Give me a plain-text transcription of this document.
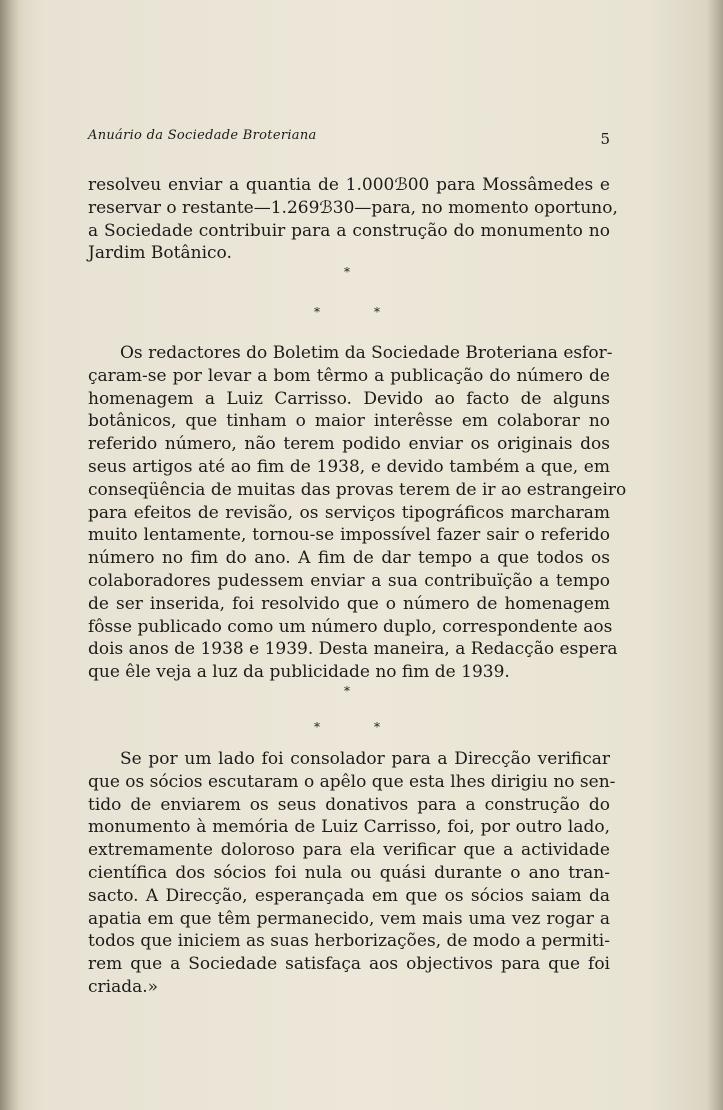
Anuário da Sociedade Broteriana	5
resolveu enviar a quantia de 1.000ℬ00 para Mossâmedes e
reservar o restante—1.269ℬ30—para, no momento oportuno,
a Sociedade contribuir para a construção do monumento no
Jardim Botânico.
*
*	*
Os redactores do Boletim da Sociedade Broteriana esfor-
çaram-se por levar a bom têrmo a publicação do número de
homenagem a Luiz Carrisso. Devido ao facto de alguns
botânicos, que tinham o maior interêsse em colaborar no
referido número, não terem podido enviar os originais dos
seus artigos até ao fim de 1938, e devido também a que, em
conseqüência de muitas das provas terem de ir ao estrangeiro
para efeitos de revisão, os serviços tipográficos marcharam
muito lentamente, tornou-se impossível fazer sair o referido
número no fim do ano. A fim de dar tempo a que todos os
colaboradores pudessem enviar a sua contribuïção a tempo
de ser inserida, foi resolvido que o número de homenagem
fôsse publicado como um número duplo, correspondente aos
dois anos de 1938 e 1939. Desta maneira, a Redacção espera
que êle veja a luz da publicidade no fim de 1939.
*
*	*
Se por um lado foi consolador para a Direcção verificar
que os sócios escutaram o apêlo que esta lhes dirigiu no sen-
tido de enviarem os seus donativos para a construção do
monumento à memória de Luiz Carrisso, foi, por outro lado,
extremamente doloroso para ela verificar que a actividade
científica dos sócios foi nula ou quási durante o ano tran-
sacto. A Direcção, esperançada em que os sócios saiam da
apatia em que têm permanecido, vem mais uma vez rogar a
todos que iniciem as suas herborizações, de modo a permiti-
rem que a Sociedade satisfaça aos objectivos para que foi
criada.»
